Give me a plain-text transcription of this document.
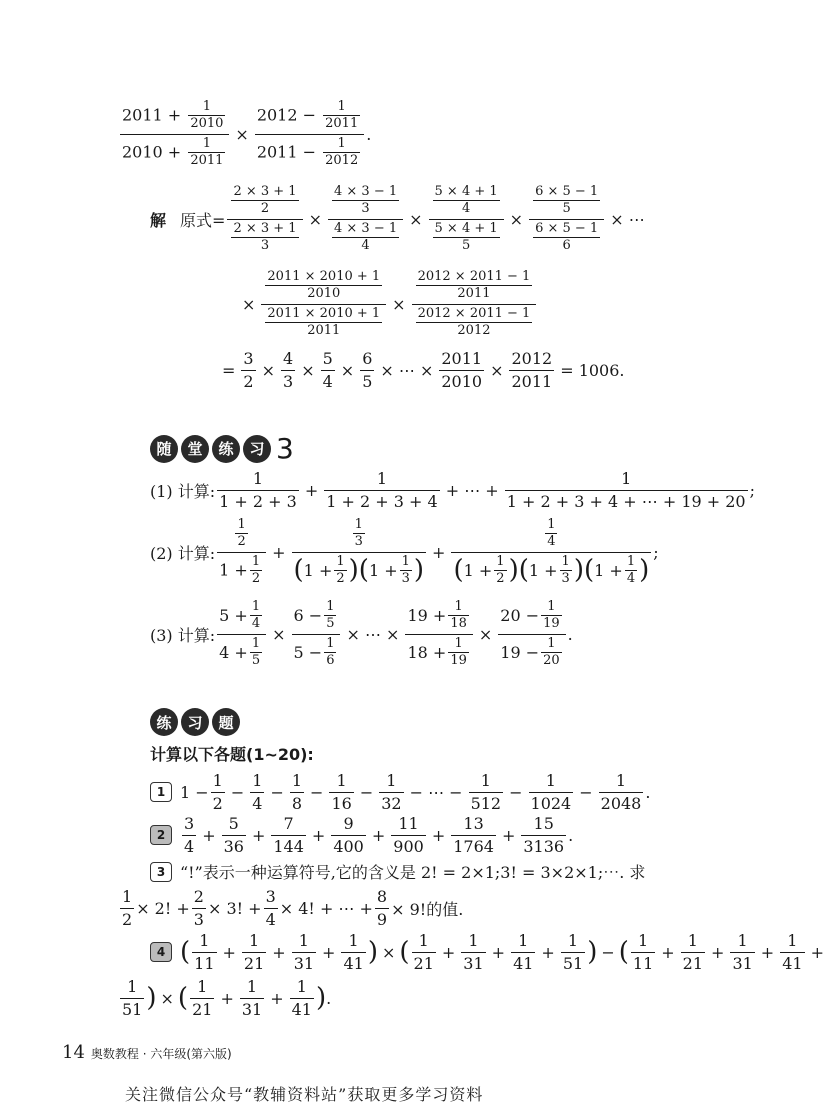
$2011 + \frac{1}{2010}$
$2010 + \frac{1}{2011}$
×
$2012 - \frac{1}{2011}$
$2011 - \frac{1}{2012}$
.
解 原式=
$\frac{2 \times 3 + 1}{2}$
$\frac{2 \times 3 + 1}{3}$
×
$\frac{4 \times 3 - 1}{3}$
$\frac{4 \times 3 - 1}{4}$
×
$\frac{5 \times 4 + 1}{4}$
$\frac{5 \times 4 + 1}{5}$
×
$\frac{6 \times 5 - 1}{5}$
$\frac{6 \times 5 - 1}{6}$
× ⋯
×
$\frac{2011 \times 2010 + 1}{2010}$
$\frac{2011 \times 2010 + 1}{2011}$
×
$\frac{2012 \times 2011 - 1}{2011}$
$\frac{2012 \times 2011 - 1}{2012}$
=
3
2
×
4
3
×
5
4
×
6
5
× ⋯ ×
2011
2010
×
2012
2011
= 1006.
随	堂	练	习 3
(1) 计算:
1
1 + 2 + 3
+
1
1 + 2 + 3 + 4
+ ⋯ +
1
1 + 2 + 3 + 4 + ⋯ + 19 + 20
;
(2) 计算:
$\frac{1}{2}$
$1 + \frac{1}{2}$
+
$\frac{1}{3}$
( 1 + 1
2 ) ( 1 + 1
3 )
+
$\frac{1}{4}$
( 1 + 1
2 ) ( 1 + 1
3 ) ( 1 + 1
4 )
;
(3) 计算: 5 + 1
4
4 + 1
5 × 6 − 1
5
5 − 1
6 × ⋯ × 19 + 1
18
18 + 1
19 × 20 − 1
19
19 − 1
20 .
练	习	题
计算以下各题(1~20):
1 1 −
1
2
−
1
4
−
1
8
−
1
16
−
1
32
− ⋯ −
1
512
−
1
1024
−
1
2048
.
2
3
4
+
5
36
+
7
144
+
9
400
+
11
900
+
13
1764
+
15
3136
.
3 “!”表示一种运算符号,它的含义是 2! = 2×1;3! = 3×2×1;⋯. 求
$\frac{1}{2} \times 2$! + $\frac{2}{3} \times 3$! + $\frac{3}{4} \times 4$! + ⋯ + $\frac{8}{9} \times 9$!的值.
4 ( 1
11
+
1
21
+
1
31
+
1
41 ) × ( 1
21
+
1
31
+
1
41
+
1
51 ) − ( 1
11
+
1
21
+
1
31
+
1
41
+
1
51 ) × ( 1
21
+
1
31
+
1
41 ) .
14 奥数教程 · 六年级(第六版)
关注微信公众号“教辅资料站”获取更多学习资料
